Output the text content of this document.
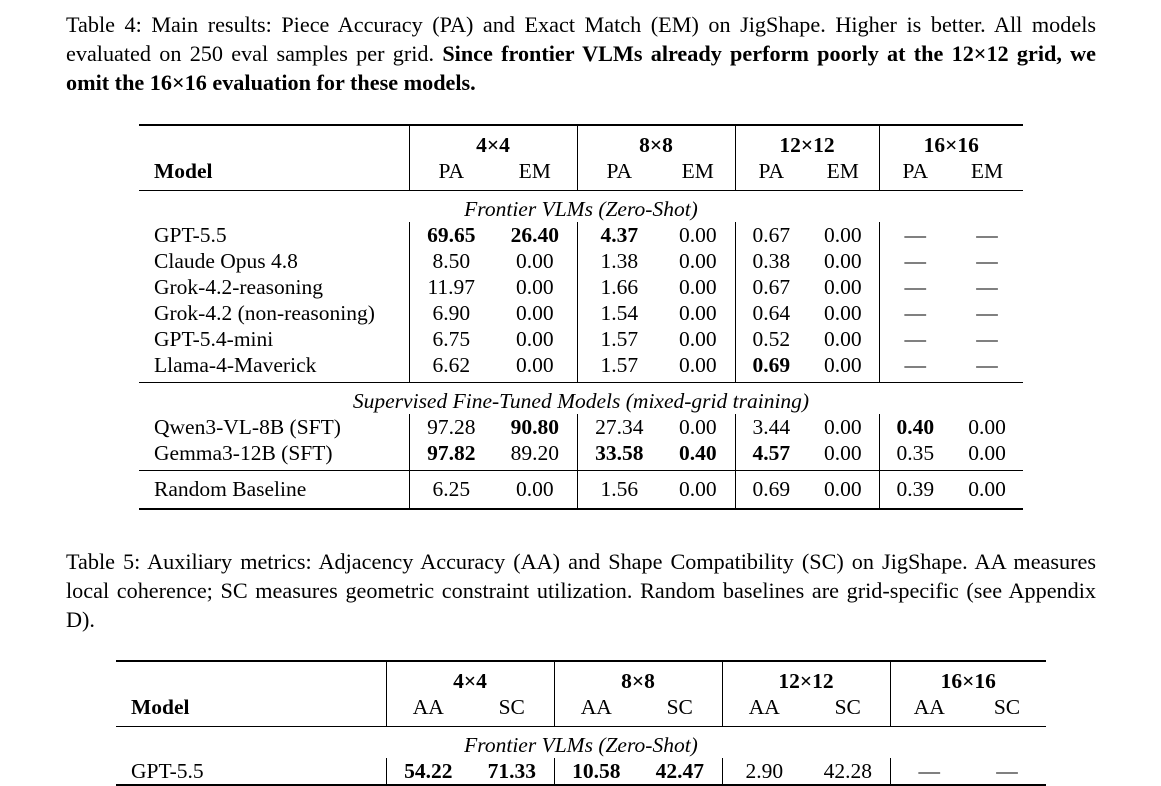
Table 4: Main results: Piece Accuracy (PA) and Exact Match (EM) on JigShape. Higher is better. All models evaluated on 250 eval samples per grid. Since frontier VLMs already perform poorly at the 12×12 grid, we omit the 16×16 evaluation for these models.
	4×4		8×8		12×12		16×16	
Model	PA	EM	PA	EM	PA	EM	PA	EM
Frontier VLMs (Zero-Shot)								
GPT-5.5	69.65	26.40	4.37	0.00	0.67	0.00	—	—
Claude Opus 4.8	8.50	0.00	1.38	0.00	0.38	0.00	—	—
Grok-4.2-reasoning	11.97	0.00	1.66	0.00	0.67	0.00	—	—
Grok-4.2 (non-reasoning)	6.90	0.00	1.54	0.00	0.64	0.00	—	—
GPT-5.4-mini	6.75	0.00	1.57	0.00	0.52	0.00	—	—
Llama-4-Maverick	6.62	0.00	1.57	0.00	0.69	0.00	—	—
Supervised Fine-Tuned Models (mixed-grid training)								
Qwen3-VL-8B (SFT)	97.28	90.80	27.34	0.00	3.44	0.00	0.40	0.00
Gemma3-12B (SFT)	97.82	89.20	33.58	0.40	4.57	0.00	0.35	0.00
Random Baseline	6.25	0.00	1.56	0.00	0.69	0.00	0.39	0.00
Table 5: Auxiliary metrics: Adjacency Accuracy (AA) and Shape Compatibility (SC) on JigShape. AA measures local coherence; SC measures geometric constraint utilization. Random baselines are grid-specific (see Appendix D).
	4×4		8×8		12×12		16×16	
Model	AA	SC	AA	SC	AA	SC	AA	SC
Frontier VLMs (Zero-Shot)								
GPT-5.5	54.22	71.33	10.58	42.47	2.90	42.28	—	—
